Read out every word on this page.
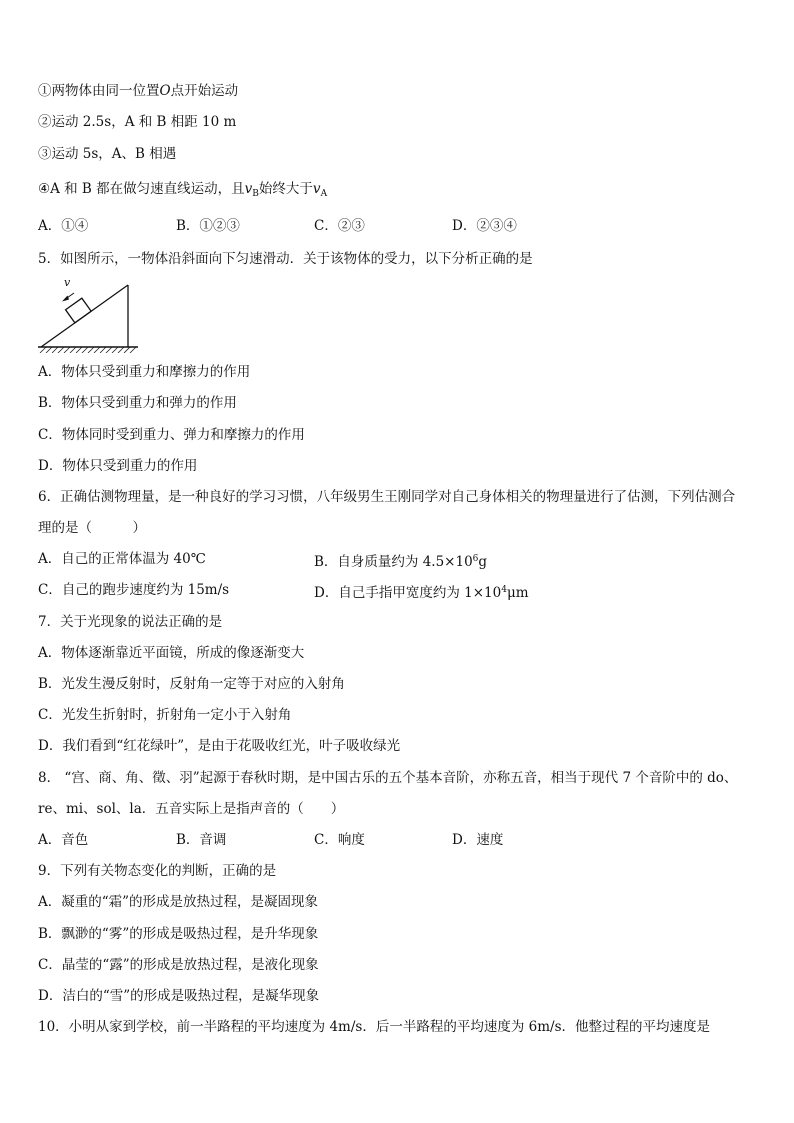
①两物体由同一位置O点开始运动
②运动 2.5s，A 和 B 相距 10 m
③运动 5s，A、B 相遇
④A 和 B 都在做匀速直线运动，且$v_B$始终大于$v_A$
A．①④	B．①②③	C．②③	D．②③④
5．如图所示，一物体沿斜面向下匀速滑动．关于该物体的受力，以下分析正确的是
v
A．物体只受到重力和摩擦力的作用
B．物体只受到重力和弹力的作用
C．物体同时受到重力、弹力和摩擦力的作用
D．物体只受到重力的作用
6．正确估测物理量，是一种良好的学习习惯，八年级男生王刚同学对自己身体相关的物理量进行了估测，下列估测合
理的是（　　　）
A．自己的正常体温为 40℃	B．自身质量约为 $4.5\times 10^6g$
C．自己的跑步速度约为 15m/s	D．自己手指甲宽度约为 $1\times 10^4\mu m$
7．关于光现象的说法正确的是
A．物体逐渐靠近平面镜，所成的像逐渐变大
B．光发生漫反射时，反射角一定等于对应的入射角
C．光发生折射时，折射角一定小于入射角
D．我们看到“红花绿叶”，是由于花吸收红光，叶子吸收绿光
8． “宫、商、角、徵、羽”起源于春秋时期，是中国古乐的五个基本音阶，亦称五音，相当于现代 7 个音阶中的 do、
re、mi、sol、la．五音实际上是指声音的（　　）
A．音色	B．音调	C．响度	D．速度
9．下列有关物态变化的判断，正确的是
A．凝重的“霜”的形成是放热过程，是凝固现象
B．飘渺的“雾”的形成是吸热过程，是升华现象
C．晶莹的“露”的形成是放热过程，是液化现象
D．洁白的“雪”的形成是吸热过程，是凝华现象
10．小明从家到学校，前一半路程的平均速度为 4m/s．后一半路程的平均速度为 6m/s．他整过程的平均速度是
